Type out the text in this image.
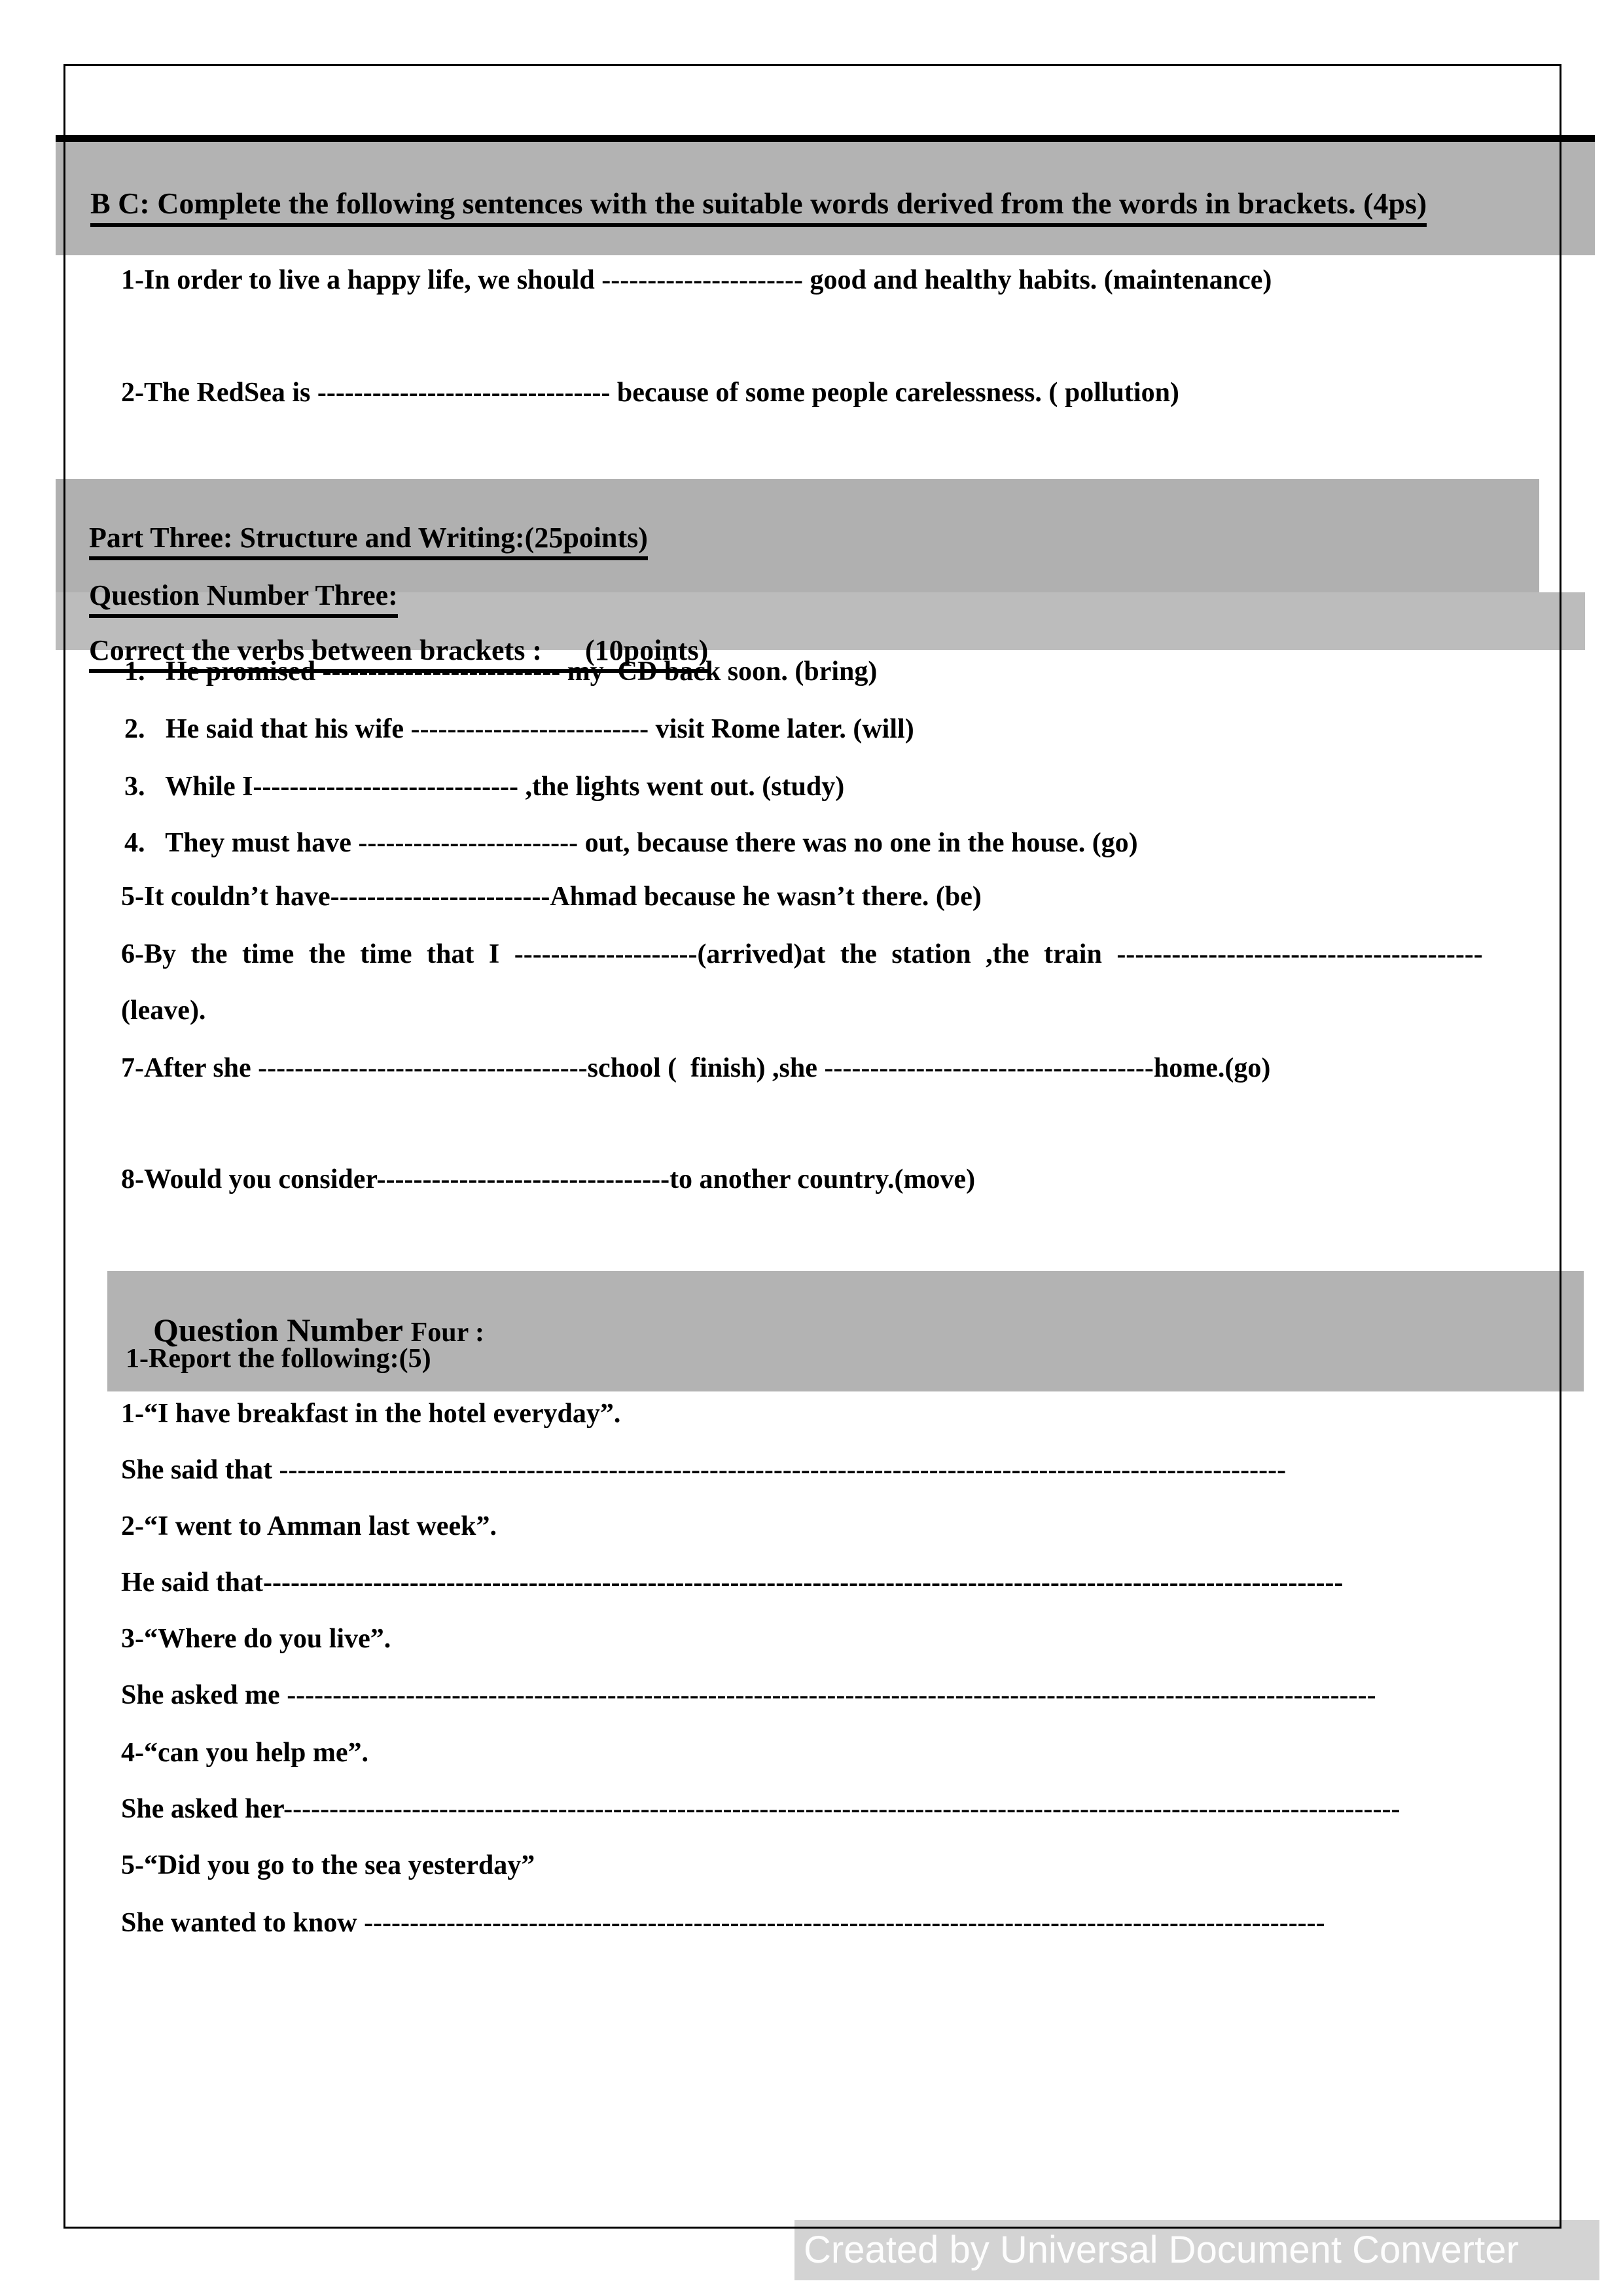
B C: Complete the following sentences with the suitable words derived from the words in brackets. (4ps)

1-In order to live a happy life, we should ---------------------- good and healthy habits. (maintenance)
2-The RedSea is -------------------------------- because of some people carelessness. ( pollution)

Part Three: Structure and Writing:(25points)

Question Number Three:

Correct the verbs between brackets :      (10points)

1.   He promised -------------------------- my  CD back soon. (bring)
2.   He said that his wife -------------------------- visit Rome later. (will)
3.   While I----------------------------- ,the lights went out. (study)
4.   They must have ------------------------ out, because there was no one in the house. (go)
5-It couldn’t have------------------------Ahmad because he wasn’t there. (be)
6-By the time the time that I --------------------(arrived)at the station ,the train ----------------------------------------
(leave).
7-After she ------------------------------------school (  finish) ,she ------------------------------------home.(go)
8-Would you consider--------------------------------to another country.(move)

Question Number Four :

1-Report the following:(5)
1-“I have breakfast in the hotel everyday”.
She said that --------------------------------------------------------------------------------------------------------------
2-“I went to Amman last week”.
He said that----------------------------------------------------------------------------------------------------------------------
3-“Where do you live”.
She asked me -----------------------------------------------------------------------------------------------------------------------
4-“can you help me”.
She asked her--------------------------------------------------------------------------------------------------------------------------
5-“Did you go to the sea yesterday”
She wanted to know ---------------------------------------------------------------------------------------------------------
Created by Universal Document Converter
